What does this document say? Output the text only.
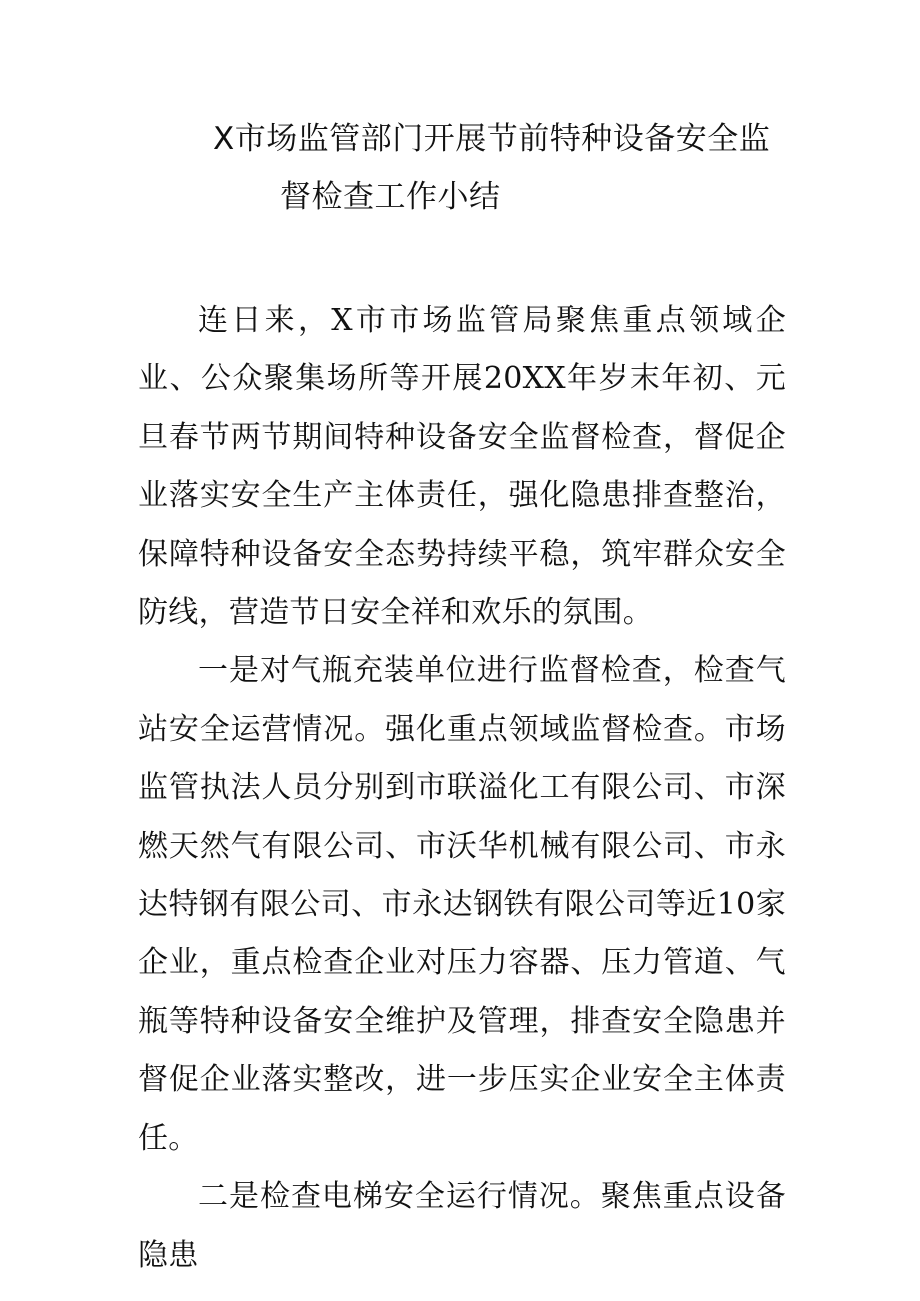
X市场监管部门开展节前特种设备安全监
督检查工作小结

连日来，X市市场监管局聚焦重点领域企业、公众聚集场所等开展20XX年岁末年初、元旦春节两节期间特种设备安全监督检查，督促企业落实安全生产主体责任，强化隐患排查整治，保障特种设备安全态势持续平稳，筑牢群众安全防线，营造节日安全祥和欢乐的氛围。

一是对气瓶充装单位进行监督检查，检查气站安全运营情况。强化重点领域监督检查。市场监管执法人员分别到市联溢化工有限公司、市深燃天然气有限公司、市沃华机械有限公司、市永达特钢有限公司、市永达钢铁有限公司等近10家企业，重点检查企业对压力容器、压力管道、气瓶等特种设备安全维护及管理，排查安全隐患并督促企业落实整改，进一步压实企业安全主体责任。

二是检查电梯安全运行情况。聚焦重点设备隐患
